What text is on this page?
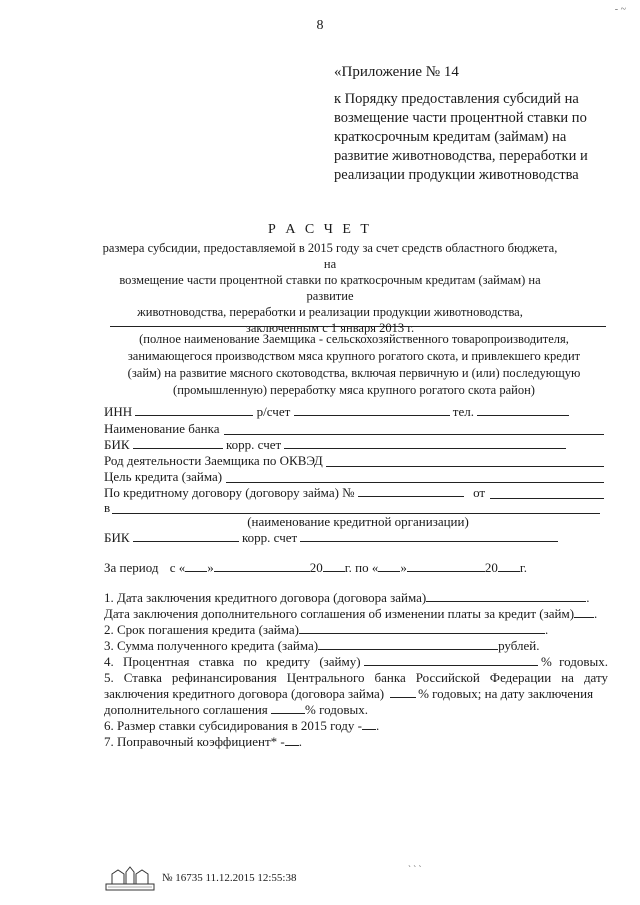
- ~
8
«Приложение № 14
к Порядку предоставления субсидий на
возмещение части процентной ставки по
краткосрочным кредитам (займам) на
развитие животноводства, переработки и
реализации продукции животноводства
Р А С Ч Е Т
размера субсидии, предоставляемой в 2015 году за счет средств областного бюджета, на
возмещение части процентной ставки по краткосрочным кредитам (займам) на развитие
животноводства, переработки и реализации продукции животноводства,
заключенным с 1 января 2013 г.
(полное наименование Заемщика - сельскохозяйственного товаропроизводителя,
занимающегося производством мяса крупного рогатого скота, и привлекшего кредит
(займ) на развитие мясного скотоводства, включая первичную и (или) последующую
(промышленную) переработку мяса крупного рогатого скота район)
ИНН	р/счет	тел.
Наименование банка
БИК	корр. счет
Род деятельности Заемщика по ОКВЭД
Цель кредита (займа)
По кредитному договору (договору займа) №	от
в
(наименование кредитной организации)
БИК	корр. счет
За период с « »	20 г. по « »	20 г.
1. Дата заключения кредитного договора (договора займа)	.
Дата заключения дополнительного соглашения об изменении платы за кредит (займ) .
2. Срок погашения кредита (займа)	.
3. Сумма полученного кредита (займа)	рублей.
4. Процентная ставка по кредиту (займу)	% годовых.
5. Ставка рефинансирования Центрального банка Российской Федерации на дату
заключения кредитного договора (договора займа)	% годовых; на дату заключения
дополнительного соглашения	% годовых.
6. Размер ставки субсидирования в 2015 году - .
7. Поправочный коэффициент* - .
№ 16735 11.12.2015 12:55:38
` ` `
